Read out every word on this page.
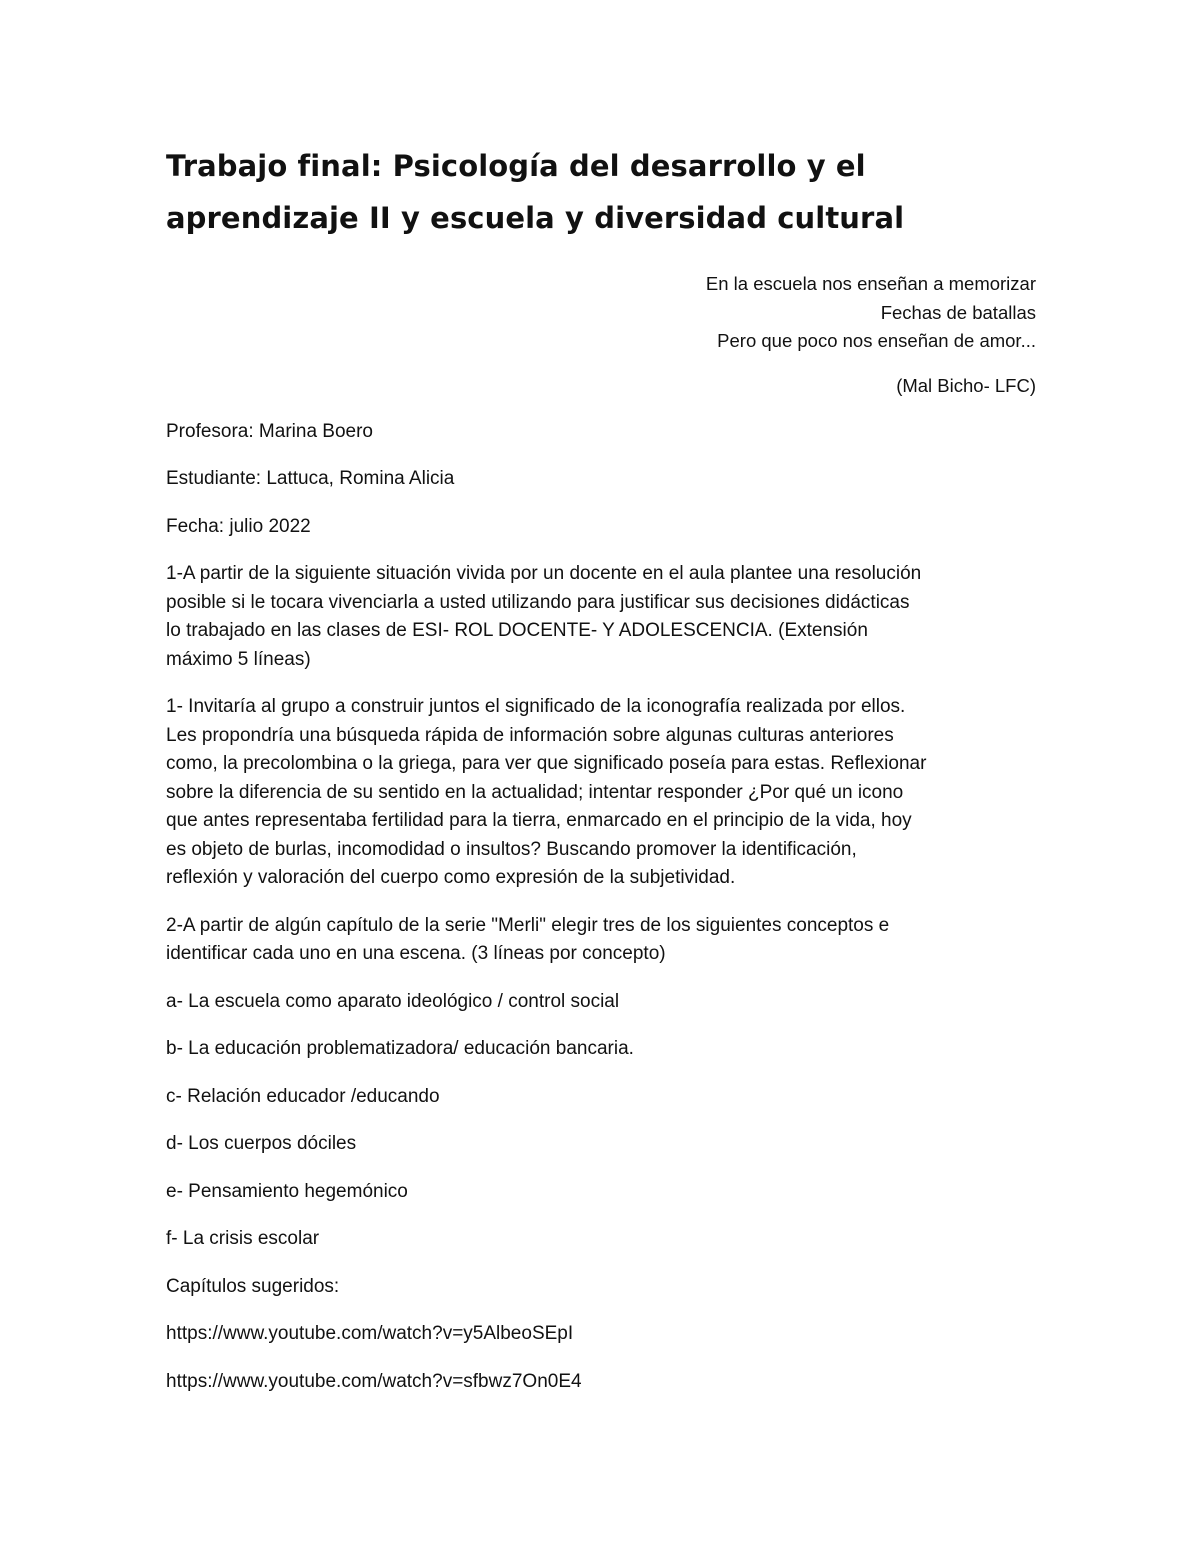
Trabajo final: Psicología del desarrollo y el
aprendizaje II y escuela y diversidad cultural
En la escuela nos enseñan a memorizar
Fechas de batallas
Pero que poco nos enseñan de amor...
(Mal Bicho- LFC)

Profesora: Marina Boero

Estudiante: Lattuca, Romina Alicia

Fecha: julio 2022

1-A partir de la siguiente situación vivida por un docente en el aula plantee una resolución
posible si le tocara vivenciarla a usted utilizando para justificar sus decisiones didácticas
lo trabajado en las clases de ESI- ROL DOCENTE- Y ADOLESCENCIA. (Extensión
máximo 5 líneas)

1- Invitaría al grupo a construir juntos el significado de la iconografía realizada por ellos.
Les propondría una búsqueda rápida de información sobre algunas culturas anteriores
como, la precolombina o la griega, para ver que significado poseía para estas. Reflexionar
sobre la diferencia de su sentido en la actualidad; intentar responder ¿Por qué un icono
que antes representaba fertilidad para la tierra, enmarcado en el principio de la vida, hoy
es objeto de burlas, incomodidad o insultos? Buscando promover la identificación,
reflexión y valoración del cuerpo como expresión de la subjetividad.

2-A partir de algún capítulo de la serie "Merli" elegir tres de los siguientes conceptos e
identificar cada uno en una escena. (3 líneas por concepto)

a- La escuela como aparato ideológico / control social

b- La educación problematizadora/ educación bancaria.

c- Relación educador /educando

d- Los cuerpos dóciles

e- Pensamiento hegemónico

f- La crisis escolar

Capítulos sugeridos:

https://www.youtube.com/watch?v=y5AlbeoSEpI

https://www.youtube.com/watch?v=sfbwz7On0E4
